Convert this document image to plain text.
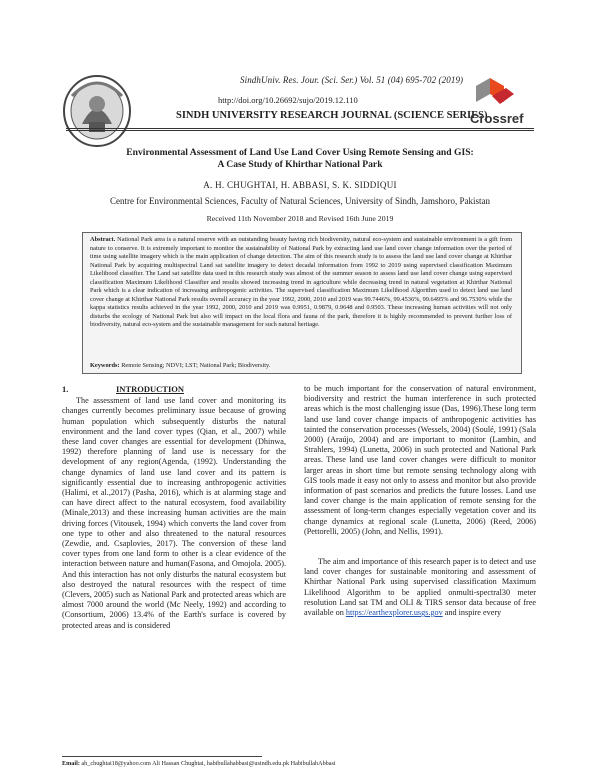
SindhUniv. Res. Jour. (Sci. Ser.) Vol. 51 (04) 695-702 (2019)
http://doi.org/10.26692/sujo/2019.12.110
SINDH UNIVERSITY RESEARCH JOURNAL (SCIENCE SERIES)
Crossref
Environmental Assessment of Land Use Land Cover Using Remote Sensing and GIS:
A Case Study of Khirthar National Park
A. H. CHUGHTAI, H. ABBASI, S. K. SIDDIQUI
Centre for Environmental Sciences, Faculty of Natural Sciences, University of Sindh, Jamshoro, Pakistan
Received 11th November 2018 and Revised 16th June 2019
Abstract. National Park area is a natural reserve with an outstanding beauty having rich biodiversity, natural eco-system and sustainable environment is a gift from nature to conserve. It is extremely important to monitor the sustainability of National Park by extracting land use land cover change information over the period of time using satellite imagery which is the main application of change detection. The aim of this research study is to assess the land use land cover change at Khirthar National Park by acquiring multispectral Land sat satellite imagery to detect decadal information from 1992 to 2019 using supervised classification Maximum Likelihood classifier. The Land sat satellite data used in this research study was almost of the summer season to assess land use land cover change using supervised classification Maximum Likelihood Classifier and results showed increasing trend in agriculture while decreasing trend in natural vegetation at Khirthar National Park which is a clear indication of increasing anthropogenic activities. The supervised classification Maximum Likelihood Algorithm used to detect land use land cover change at Khirthar National Park results overall accuracy in the year 1992, 2000, 2010 and 2019 was 99.7446%, 99.4536%, 99.6495% and 96.7530% while the kappa statistics results achieved in the year 1992, 2000, 2010 and 2019 was 0.9951, 0.9879, 0.9648 and 0.9503. These increasing human activities will not only disturbs the ecology of National Park but also will impact on the local flora and fauna of the park, therefore it is highly recommended to prevent further loss of biodiversity, natural eco-system and the sustainable management for such natural heritage.
Keywords: Remote Sensing; NDVI; LST; National Park; Biodiversity.
1.	INTRODUCTION
The assessment of land use land cover and monitoring its changes currently becomes preliminary issue because of growing human population which subsequently disturbs the natural environment and the land cover types (Qian, et al., 2007) while these land cover changes are essential for development (Dhinwa, 1992) therefore planning of land use is necessary for the development of any region(Agenda, (1992). Understanding the change dynamics of land use land cover and its pattern is significantly essential due to increasing anthropogenic activities (Halimi, et al.,2017) (Pasha, 2016), which is at alarming stage and can have direct affect to the natural ecosystem, food availability (Minale,2013) and these increasing human activities are the main driving forces (Vitousek, 1994) which converts the land cover from one type to other and also threatened to the natural resources (Zewdie, and. Csaplovies, 2017). The conversion of these land cover types from one land form to other is a clear evidence of the interaction between nature and human(Fasona, and Omojola. 2005). And this interaction has not only disturbs the natural ecosystem but also destroyed the natural resources with the respect of time (Clevers, 2005) such as National Park and protected areas which are almost 7000 around the world (Mc Neely, 1992) and according to (Consortium, 2006) 13.4% of the Earth's surface is covered by protected areas and is considered
to be much important for the conservation of natural environment, biodiversity and restrict the human interference in such protected areas which is the most challenging issue (Das, 1996).These long term land use land cover change impacts of anthropogenic activities has tainted the conservation processes (Wessels, 2004) (Soulé, 1991) (Sala 2000) (Araújo, 2004) and are important to monitor (Lambin, and Strahlers, 1994) (Lunetta, 2006) in such protected and National Park areas. These land use land cover changes were difficult to monitor larger areas in short time but remote sensing technology along with GIS tools made it easy not only to assess and monitor but also provide information of past scenarios and predicts the future losses. Land use land cover change is the main application of remote sensing for the assessment of long-term changes especially vegetation cover and its change dynamics at regional scale (Lunetta, 2006) (Reed, 2006) (Pettorelli, 2005) (John, and Nellis, 1991).
The aim and importance of this research paper is to detect and use land cover changes for sustainable monitoring and assessment of Khirthar National Park using supervised classification Maximum Likelihood Algorithm to be applied onmulti-spectral30 meter resolution Land sat TM and OLI & TIRS sensor data because of free available on https://earthexplorer.usgs.gov and inspire every
Email: ah_chughtai18@yahoo.com Ali Hassan Chughtai, habibullahabbasi@usindh.edu.pk HabibullahAbbasi
